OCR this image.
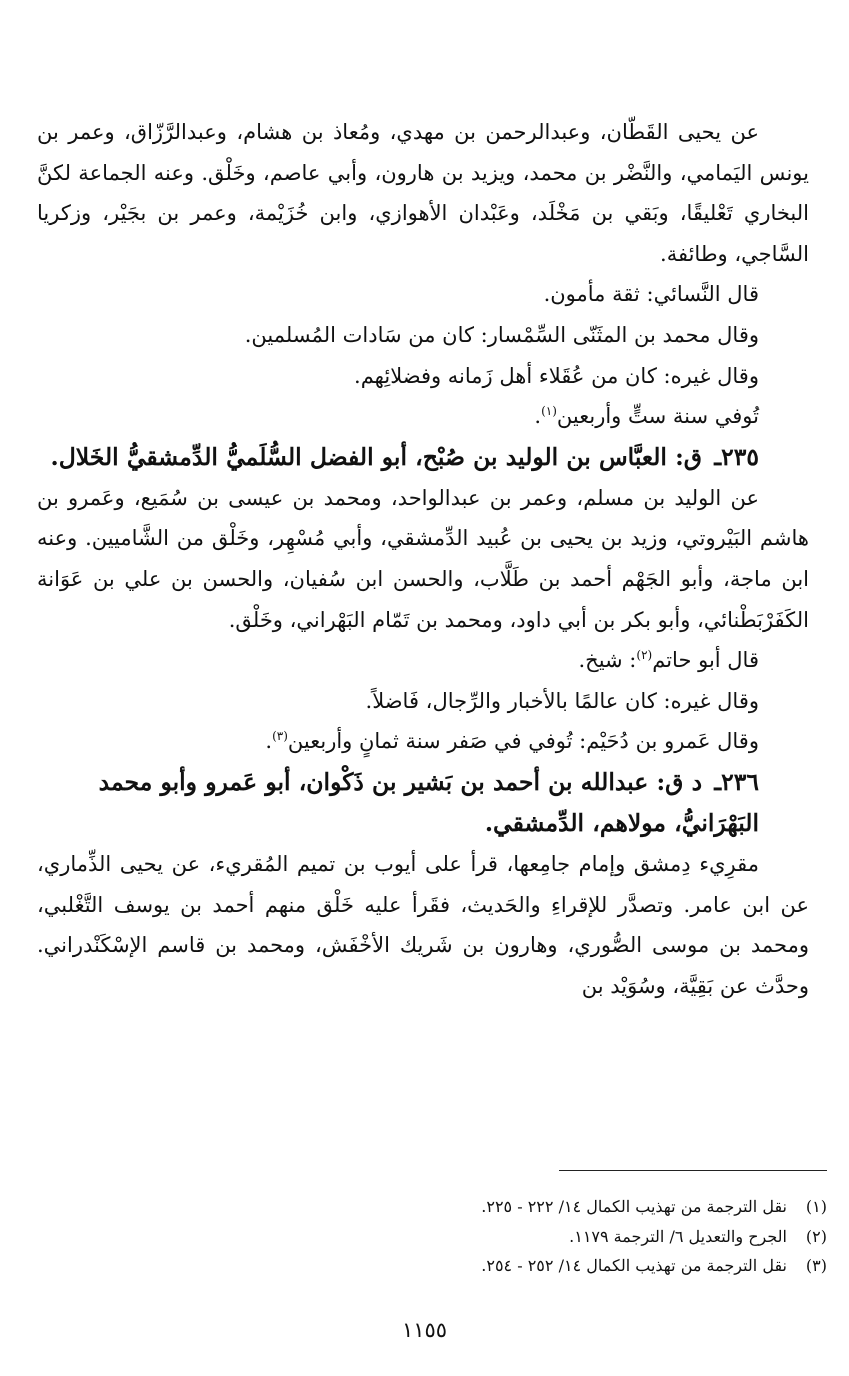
عن يحيى القَطّان، وعبدالرحمن بن مهدي، ومُعاذ بن هشام، وعبدالرَّزّاق، وعمر بن يونس اليَمامي، والنَّضْر بن محمد، ويزيد بن هارون، وأبي عاصم، وخَلْق. وعنه الجماعة لكنَّ البخاري تَعْليقًا، وبَقي بن مَخْلَد، وعَبْدان الأهوازي، وابن خُزَيْمة، وعمر بن بجَيْر، وزكريا السَّاجي، وطائفة.

قال النَّسائي: ثقة مأمون.

وقال محمد بن المثَنّى السِّمْسار: كان من سَادات المُسلمين.

وقال غيره: كان من عُقَلاء أهل زَمانه وفضلائِهم.

تُوفي سنة ستٍّ وأربعين$^{(١)}$.

٢٣٥ـ ق: العبَّاس بن الوليد بن صُبْح، أبو الفضل السُّلَميُّ الدِّمشقيُّ الخَلال.

عن الوليد بن مسلم، وعمر بن عبدالواحد، ومحمد بن عيسى بن سُمَيع، وعَمرو بن هاشم البَيْروتي، وزيد بن يحيى بن عُبيد الدِّمشقي، وأبي مُسْهِر، وخَلْق من الشَّاميين. وعنه ابن ماجة، وأبو الجَهْم أحمد بن طَلَّاب، والحسن ابن سُفيان، والحسن بن علي بن عَوَانة الكَفَرْبَطْنائي، وأبو بكر بن أبي داود، ومحمد بن تَمّام البَهْراني، وخَلْق.

قال أبو حاتم$^{(٢)}$: شيخ.

وقال غيره: كان عالمًا بالأخبار والرِّجال، فَاضلاً.

وقال عَمرو بن دُحَيْم: تُوفي في صَفر سنة ثمانٍ وأربعين$^{(٣)}$.

٢٣٦ـ د ق: عبدالله بن أحمد بن بَشير بن ذَكْوان، أبو عَمرو وأبو محمد البَهْرَانيُّ، مولاهم، الدِّمشقي.

مقرِيء دِمشق وإمام جامِعها، قرأ على أيوب بن تميم المُقريء، عن يحيى الذِّماري، عن ابن عامر. وتصدَّر للإقراءِ والحَديث، فقَرأ عليه خَلْق منهم أحمد بن يوسف التَّغْلبي، ومحمد بن موسى الصُّوري، وهارون بن شَريك الأخْفَش، ومحمد بن قاسم الإسْكَنْدراني. وحدَّث عن بَقِيَّة، وسُوَيْد بن

(١)
نقل الترجمة من تهذيب الكمال ١٤/ ٢٢٢ - ٢٢٥.
(٢)
الجرح والتعديل ٦/ الترجمة ١١٧٩.
(٣)
نقل الترجمة من تهذيب الكمال ١٤/ ٢٥٢ - ٢٥٤.
١١٥٥
